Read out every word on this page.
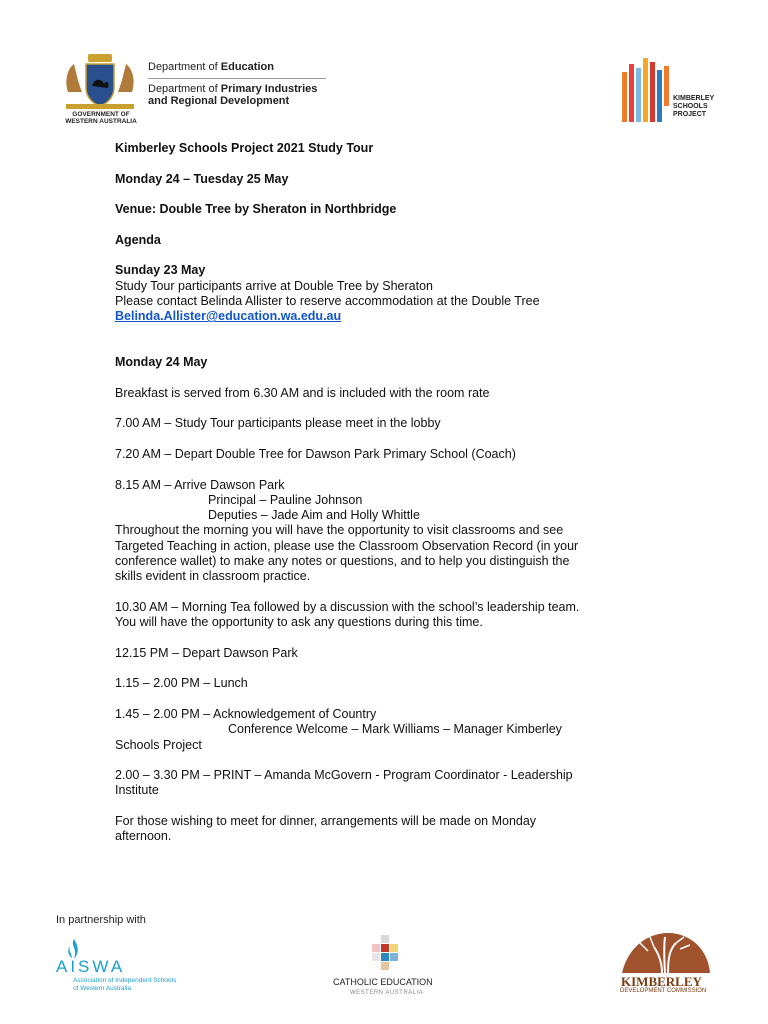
GOVERNMENT OF
WESTERN AUSTRALIA
Department of Education
Department of Primary Industries
and Regional Development	KIMBERLEY
SCHOOLS
PROJECT
Kimberley Schools Project 2021 Study Tour
Monday 24 – Tuesday 25 May
Venue: Double Tree by Sheraton in Northbridge
Agenda
Sunday 23 May
Study Tour participants arrive at Double Tree by Sheraton
Please contact Belinda Allister to reserve accommodation at the Double Tree
Belinda.Allister@education.wa.edu.au
Monday 24 May
Breakfast is served from 6.30 AM and is included with the room rate
7.00 AM – Study Tour participants please meet in the lobby
7.20 AM – Depart Double Tree for Dawson Park Primary School (Coach)
8.15 AM – Arrive Dawson Park
Principal – Pauline Johnson
Deputies – Jade Aim and Holly Whittle
Throughout the morning you will have the opportunity to visit classrooms and see
Targeted Teaching in action, please use the Classroom Observation Record (in your
conference wallet) to make any notes or questions, and to help you distinguish the
skills evident in classroom practice.
10.30 AM – Morning Tea followed by a discussion with the school’s leadership team.
You will have the opportunity to ask any questions during this time.
12.15 PM – Depart Dawson Park
1.15 – 2.00 PM – Lunch
1.45 – 2.00 PM – Acknowledgement of Country
Conference Welcome – Mark Williams – Manager Kimberley
Schools Project
2.00 – 3.30 PM – PRINT – Amanda McGovern - Program Coordinator - Leadership
Institute
For those wishing to meet for dinner, arrangements will be made on Monday
afternoon.
In partnership with
AISWA
Association of Independent Schools
of Western Australia
CATHOLIC EDUCATION
WESTERN AUSTRALIA
KIMBERLEY
DEVELOPMENT COMMISSION
